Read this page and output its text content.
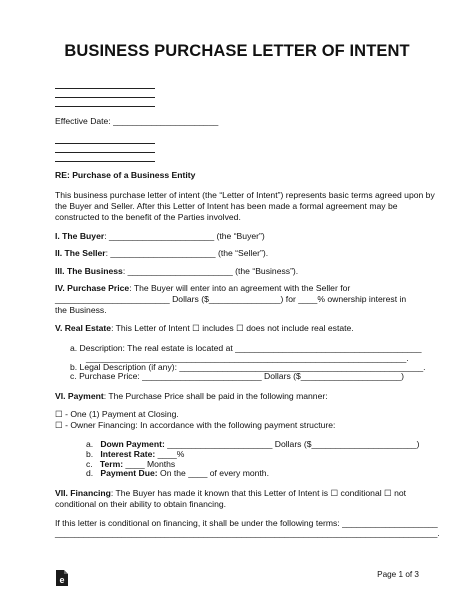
BUSINESS PURCHASE LETTER OF INTENT
Effective Date: ______________________
RE: Purchase of a Business Entity
This business purchase letter of intent (the “Letter of Intent”) represents basic terms agreed upon by
the Buyer and Seller. After this Letter of Intent has been made a formal agreement may be
constructed to the benefit of the Parties involved.
I. The Buyer: ______________________ (the “Buyer”)
II. The Seller: ______________________ (the “Seller”).
III. The Business: ______________________ (the “Business”).
IV. Purchase Price: The Buyer will enter into an agreement with the Seller for
________________________ Dollars ($_______________) for ____% ownership interest in
the Business.
V. Real Estate: This Letter of Intent ☐ includes ☐ does not include real estate.
a. Description: The real estate is located at _______________________________________
___________________________________________________________________.
b. Legal Description (if any): ___________________________________________________.
c. Purchase Price: _________________________ Dollars ($_____________________)
VI. Payment: The Purchase Price shall be paid in the following manner:
☐ - One (1) Payment at Closing.
☐ - Owner Financing: In accordance with the following payment structure:
a.   Down Payment: ______________________ Dollars ($______________________)
b.   Interest Rate: ____%
c.   Term: ____ Months
d.   Payment Due: On the ____ of every month.
VII. Financing: The Buyer has made it known that this Letter of Intent is ☐ conditional ☐ not
conditional on their ability to obtain financing.
If this letter is conditional on financing, it shall be under the following terms: ____________________
________________________________________________________________________________.
e
Page 1 of 3
